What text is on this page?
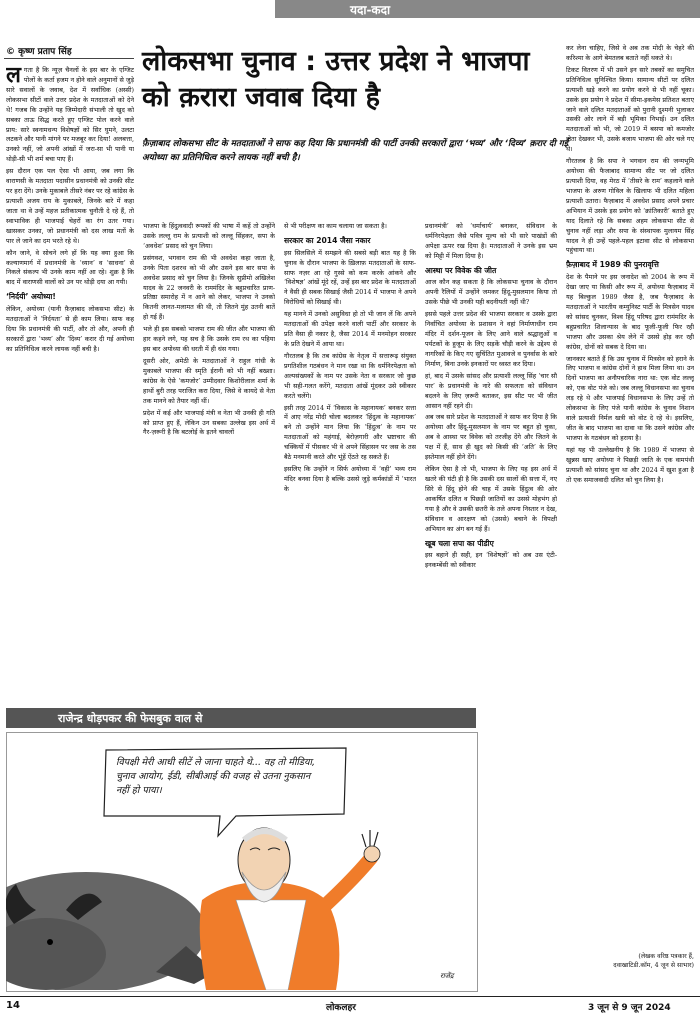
यदा-कदा
© कृष्ण प्रताप सिंह	लोकसभा चुनाव : उत्तर प्रदेश ने भाजपा को क़रारा जवाब दिया है
फ़ैज़ाबाद लोकसभा सीट के मतदाताओं ने साफ कह दिया कि प्रधानमंत्री की पार्टी उनकी सरकारों द्वारा ‘भव्य’ और ‘दिव्य’ क़रार दी गई अयोध्या का प्रतिनिधित्व करने लायक नहीं बची है।
ल गता है कि न्यूज़ चैनलों के इस बार के एग्जिट पोलों के कर्ता हजम न होने वाले अनुमानों से जुड़े सारे सवालों के जवाब, देश में सर्वाधिक (अस्सी) लोकसभा सीटों वाले उत्तर प्रदेश के मतदाताओं को देने थे! गजब कि उन्होंने यह जिम्मेदारी संभाली तो खुद को सबका ताऊ सिद्ध करते हुए एग्जिट पोल करने वाले प्राय: सारे स्वनामधन्य विशेषज्ञों को सिर घुमने, उलटा लटकने और पानी मांगने पर मजबूर कर दिया! अलबत्ता, उनको नहीं, जो अपनी आंखों में जरा-सा भी पानी या थोड़ी-सी भी शर्म बचा पाए हैं।

इस दौरान एक पल ऐसा भी आया, जब लगा कि वाराणसी के मतदाता पदासीन प्रधानमंत्री को उनकी सीट पर हरा देंगे। उनके मुकाबले तीसरे नंबर पर रहे कांग्रेस के प्रत्याशी अजय राय के मुकाबले, जिनके बारे में कहा जाता था वे उन्हें महज प्रतीकात्मक चुनौती दे रहे हैं, तो स्वाभाविक ही भाजपाई चेहरों का रंग उतर गया। खासकर उनका, जो प्रधानमंत्री को दस लाख मतों के पार ले जाने का दम भरते रहे थे।

कौन जाने, वे सोचने लगे हों कि यह क्या हुआ कि कल्याणमार्ग में प्रधानमंत्री के ‘ध्यान’ व ‘साधना’ से निकले संकल्प भी उनके काम नहीं आ रहे। शुक्र है कि बाद में वाराणसी वालों को उन पर थोड़ी दया आ गयी।

‘निर्दयी’ अयोध्या!

लेकिन, अयोध्या (यानी फ़ैज़ाबाद लोकसभा सीट) के मतदाताओं ने ‘निर्दयता’ से ही काम लिया। साफ कह दिया कि प्रधानमंत्री की पार्टी, और तो और, अपनी ही सरकारों द्वारा ‘भव्य’ और ‘दिव्य’ करार दी गई अयोध्या का प्रतिनिधित्व करने लायक नहीं बची है।

भाजपा के हिंदुत्ववादी रूपकों की भाषा में कहें तो उन्होंने उसके लल्लू राम के प्रत्याशी को लल्लू सिंहकर, सपा के ‘अवधेश’ प्रसाद को चुन लिया।

प्रसंगवश, भगवान राम की भी अवधेश कहा जाता है, उनके पिता दशरथ को भी और उसने इस बार सपा के अवधेश प्रसाद को चुन लिया है। जिनके सुप्रीमो अखिलेश यादव के 22 जनवरी के राममंदिर के बहुप्रचारित प्राण-प्रतिष्ठा समारोह में न आने को लेकर, भाजपा ने उनको कितनी लानत-मलामत की थी, तो जितने मुंह उतनी बातें हो गई हैं।

भले ही इस सबको भाजपा राम की जीत और भाजपा की हार कहने लगे, यह सच है कि उसके राम रथ का पहिया इस बार अयोध्या की धरती में ही धंस गया।

दूसरी ओर, अमेठी के मतदाताओं ने राहुल गांधी के मुकाबले भाजपा की स्मृति ईरानी को भी नहीं बख्शा। कांग्रेस के ऐसे ‘कमजोर’ उम्मीदवार किशोरीलाल शर्मा के हाथों बुरी तरह पराजित करा दिया, जिसे वे कायदे से नेता तक मानने को तैयार नहीं थीं।

प्रदेश में कई और भाजपाई मंत्री व नेता भी उनकी ही गति को प्राप्त हुए हैं, लेकिन उन सबका उल्लेख इस अर्थ में गैर-ज़रूरी है कि बटलोई के इतने चावलों

से भी परीक्षण का काम चलाया जा सकता है।

सरकार का 2014 जैसा नकार

इस सिलसिले में समझने की सबसे बड़ी बात यह है कि चुनाव के दौरान भाजपा के ख़िलाफ़ मतदाताओं के साफ-साफ नज़र आ रहे गुस्से को कम करके आंकने और ‘विशेषज्ञ’ आंखें मूंदे रहें, उन्हें इस बार प्रदेश के मतदाताओं ने वैसी ही सबक सिखाई जैसी 2014 में भाजपा ने अपने विरोधियों को सिखाई थी।

यह मानने में उनको असुविधा हो तो भी जान लें कि अपने मतदाताओं की उपेक्षा करने वाली पार्टी और सरकार के प्रति वैसा ही नकार है, जैसा 2014 में मनमोहन सरकार के प्रति देखने में आया था।

गौरतलब है कि तब कांग्रेस के नेतृत्व में सत्तारूढ़ संयुक्त प्रगतिशील गठबंधन ने मान रखा था कि धर्मनिरपेक्षता को अल्पसंख्यकों के नाम पर उसके नेता व सरकार जो कुछ भी सही-गलत करेंगे, मतदाता आंखें मूंदकर उसे स्वीकार करते चलेंगे।

इसी तरह 2014 में ‘विकास के महानायक’ बनकर सत्ता में आए नरेंद्र मोदी चोला बदलकर ‘हिंदुत्व के महानायक’ बने तो उन्होंने मान लिया कि ‘हिंदुत्व’ के नाम पर मतदाताओं को महंगाई, बेरोज़गारी और भ्रष्टाचार की चक्कियों में पीसकर भी वे अपने सिंहासन पर जस के तस बैठे मनमानी करते और भूंहें ऐंठते रह सकते हैं।

इसलिए कि उन्होंने न सिर्फ अयोध्या में ‘वही’ भव्य राम मंदिर बनवा दिया है बल्कि उससे जुड़े कर्मकांडों में ‘भारत के

प्रधानमंत्री’ को ‘धर्माचार्य’ बनाकर, संविधान के धर्मनिरपेक्षता जैसे पवित्र मूल्य को भी सारे पाखंडों की अपेक्षा ऊपर रख दिया है। मतदाताओं ने उनके इस भ्रम को मिट्टी में मिला दिया है।

आस्था पर विवेक की जीत

आज कौन कह सकता है कि लोकसभा चुनाव के दौरान अपनी रैलियों में उन्होंने जमकर हिंदू-मुसलमान किया तो उसके पीछे भी उनकी यही बदनीयती नहीं थी?

इससे पहले उत्तर प्रदेश की भाजपा सरकार व उसके द्वारा निर्वाचित अयोध्या के प्रशासन ने वहां निर्माणाधीन राम मंदिर में दर्शन-पूजन के लिए आने वाले श्रद्धालुओं व पर्यटकों के हुजूम के लिए सड़कें चौड़ी करने के उद्देश्य से नागरिकों के किए गए सुचिंतित मुआवजे व पुनर्वास के बारे निर्माण, बिना उनके इनकारों पर ध्वस्त कर दिया।

हां, बाद में उसके सांसद और प्रत्याशी लल्लू सिंह ‘चार सौ पार’ के प्रधानमंत्री के नारे की सफलता को संविधान बदलने के लिए ज़रूरी बताकर, इस सीट पर भी जीत आसान नहीं रहने दी।

अब जब सारे प्रदेश के मतदाताओं ने साफ कर दिया है कि अयोध्या और हिंदू-मुसलमान के नाम पर बहुत हो चुका, अब वे आस्था पर विवेक को तरजीह देंगे और जितने के पक्ष में हैं, साथ ही खुद को किसी की ‘अति’ के लिए इस्तेमाल नहीं होने देंगे।

लेकिन ऐसा है तो भी, भाजपा के लिए यह इस अर्थ में खतरे की घंटी ही है कि उसकी दस सालों की सत्ता में, नए सिरे से हिंदू होने की चाह में उसके हिंदुत्व की ओर आकर्षित दलित व पिछड़ी जातियों का उससे मोहभंग हो गया है और वे उसकी छतरी के तले अपना निस्तार न देख, संविधान व आरक्षण को (उससे) बचाने के विपक्षी अभियान का अंग बन गई हैं।

खूब चला सपा का पीडीए

इस बहाने ही सही, इन ‘विशेषज्ञों’ को अब उस एंटी-इनकम्बेंसी को स्वीकार

कर लेना चाहिए, जिसे वे अब तक मोदी के चेहरे की करिश्मा के आगे बेमतलब बताते नहीं थकते थे।

टिकट वितरण में भी उसने इन सारे तबकों का समुचित प्रतिनिधित्व सुनिश्चित किया। सामान्य सीटों पर दलित प्रत्याशी खड़े करने का प्रयोग करने से भी नहीं चूका। उसके इस प्रयोग ने प्रदेश में सीमा-इकमेस प्रतिशत बताए जाने वाले दलित मतदाताओं को पुरानी दुश्मनी भुलाकर उसकी ओर लाने में बड़ी भूमिका निभाई। उन दलित मतदाताओं को भी, जो 2019 में बसपा को कमजोर होता देखकर भी, उसके बजाय भाजपा की ओर चले गए थे।

गौरतलब है कि सपा ने भगवान राम की जन्मभूमि अयोध्या की फैजाबाद सामान्य सीट पर जो दलित प्रत्याशी दिया, वह मेरठ में ‘तीसरे के राम’ कहलाने वाले भाजपा के अरुण गोविल के खिलाफ भी दलित महिला प्रत्याशी उतारा। फैज़ाबाद में अवधेश प्रसाद अपने प्रचार अभियान में उसके इस प्रयोग को ‘क्रांतिकारी’ बताते हुए याद दिलाते रहे कि सबका अहम लोकसभा सीट से चुनाव नहीं लड़ा और सपा के संस्थापक मुलायम सिंह यादव ने ही उन्हें पहले-पहल इटावा सीट से लोकसभा पहुंचाया था।

फ़ैज़ाबाद में 1989 की पुनरावृत्ति

देश के पैमाने पर इस जनादेश को 2004 के रूप में देखा जाए या किसी और रूप में, अयोध्या फैज़ाबाद में यह बिल्कुल 1989 जैसा है, जब फैज़ाबाद के मतदाताओं ने भारतीय कम्युनिस्ट पार्टी के मित्रसेन यादव को सांसद चुनकर, विश्व हिंदू परिषद द्वारा रामंमदिर के बहुप्रचारित शिलान्यास के बाद फूली-फूली फिर रही भाजपा और उसका श्रेय लेने में उससे होड़ कर रही कांग्रेस, दोनों को सबक दे दिया था।

जानकार बताते हैं कि उस चुनाव में मित्रसेन को हराने के लिए भाजपा व कांग्रेस दोनों ने हाथ मिला लिया था। उन दिनों भाजपा का अनौपचारिक नारा था: एक वोट लल्लू को, एक वोट पंजे को। जब लल्लू विधानसभा का चुनाव लड़ रहे थे और भाजपाई विधानसभा के लिए उन्हें तो लोकसभा के लिए पंजे यानी कांग्रेस के चुनाव निशान वाले प्रत्याशी निर्मल खत्री को वोट दे रहे थे। इसलिए, जीत के बाद भाजपा का दावा था कि उसने कांग्रेस और भाजपा के गठबंधन को हराया है।

यहां यह भी उल्लेखनीय है कि 1989 में भाजपा से खुन्नस खाए अयोध्या ने पिछड़ी जाति के एक वामपंथी प्रत्याशी को सांसद चुना था और 2024 में खुश हुआ है तो एक समाजवादी दलित को चुन लिया है।

(लेखक वरिष्ठ पत्रकार हैं,
दवाखाटिडी.कॉम, 4 जून से साभार)
राजेन्द्र धोड़पकर की फेसबुक वाल से
विपक्षी मेरी आधी सीटें ले जाना चाहते थे... वह तो मीडिया, चुनाव आयोग, ईडी, सीबीआई की वजह से उतना नुकसान नहीं हो पाया।
राजेंद्र
14	लोकलहर	3 जून से 9 जून 2024
